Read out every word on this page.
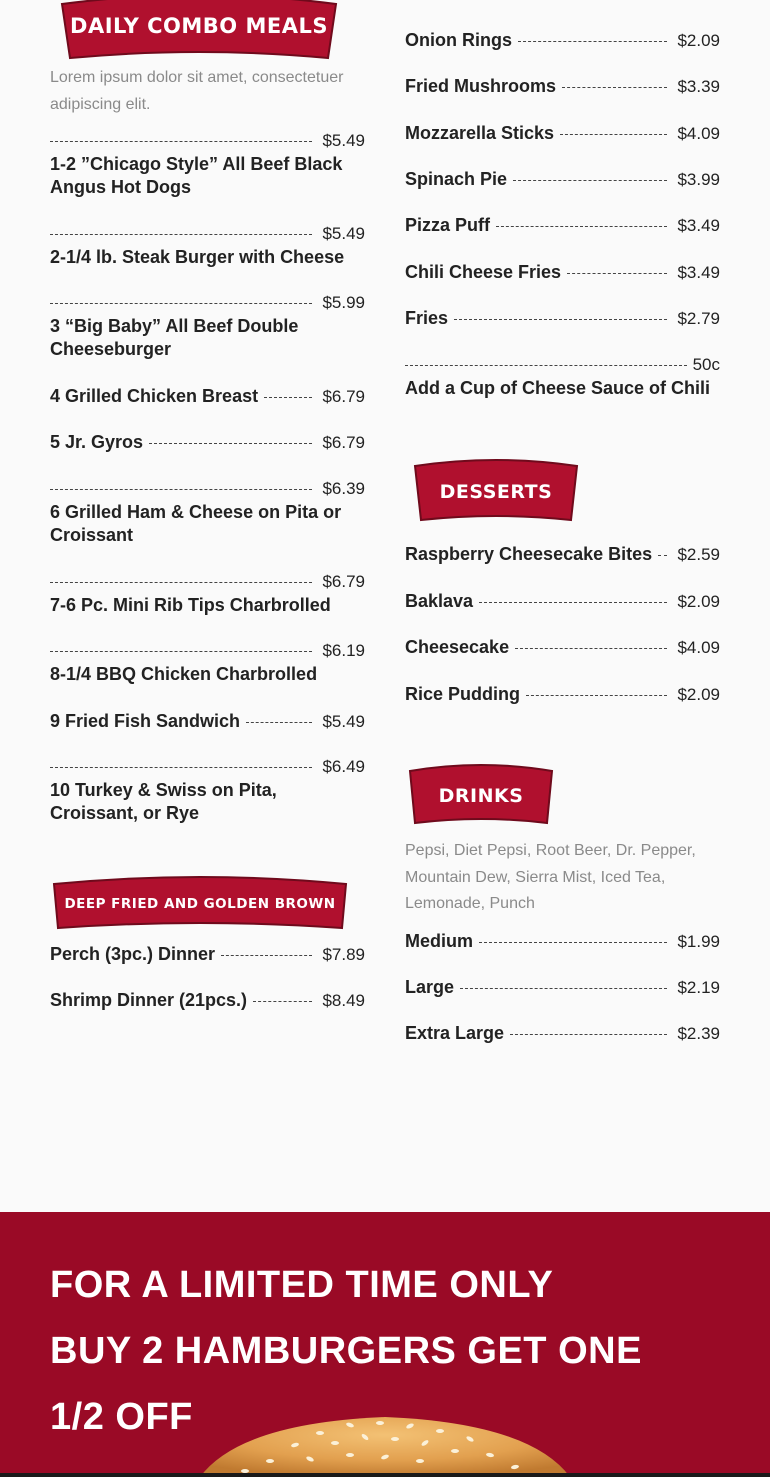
DAILY COMBO MEALS
Lorem ipsum dolor sit amet, consectetuer adipiscing elit.
$5.49
1-2 ”Chicago Style” All Beef Black Angus Hot Dogs
$5.49
2-1/4 lb. Steak Burger with Cheese
$5.99
3 “Big Baby” All Beef Double Cheeseburger
4 Grilled Chicken Breast	$6.79
5 Jr. Gyros	$6.79
$6.39
6 Grilled Ham & Cheese on Pita or Croissant
$6.79
7-6 Pc. Mini Rib Tips Charbrolled
$6.19
8-1/4 BBQ Chicken Charbrolled
9 Fried Fish Sandwich	$5.49
$6.49
10 Turkey & Swiss on Pita, Croissant, or Rye
DEEP FRIED AND GOLDEN BROWN
Perch (3pc.) Dinner	$7.89
Shrimp Dinner (21pcs.)	$8.49
Onion Rings	$2.09
Fried Mushrooms	$3.39
Mozzarella Sticks	$4.09
Spinach Pie	$3.99
Pizza Puff	$3.49
Chili Cheese Fries	$3.49
Fries	$2.79
50c
Add a Cup of Cheese Sauce of Chili
DESSERTS
Raspberry Cheesecake Bites $2.59
Baklava	$2.09
Cheesecake	$4.09
Rice Pudding	$2.09
DRINKS
Pepsi, Diet Pepsi, Root Beer, Dr. Pepper, Mountain Dew, Sierra Mist, Iced Tea, Lemonade, Punch
Medium	$1.99
Large	$2.19
Extra Large	$2.39
FOR A LIMITED TIME ONLY
BUY 2 HAMBURGERS GET ONE
1/2 OFF
